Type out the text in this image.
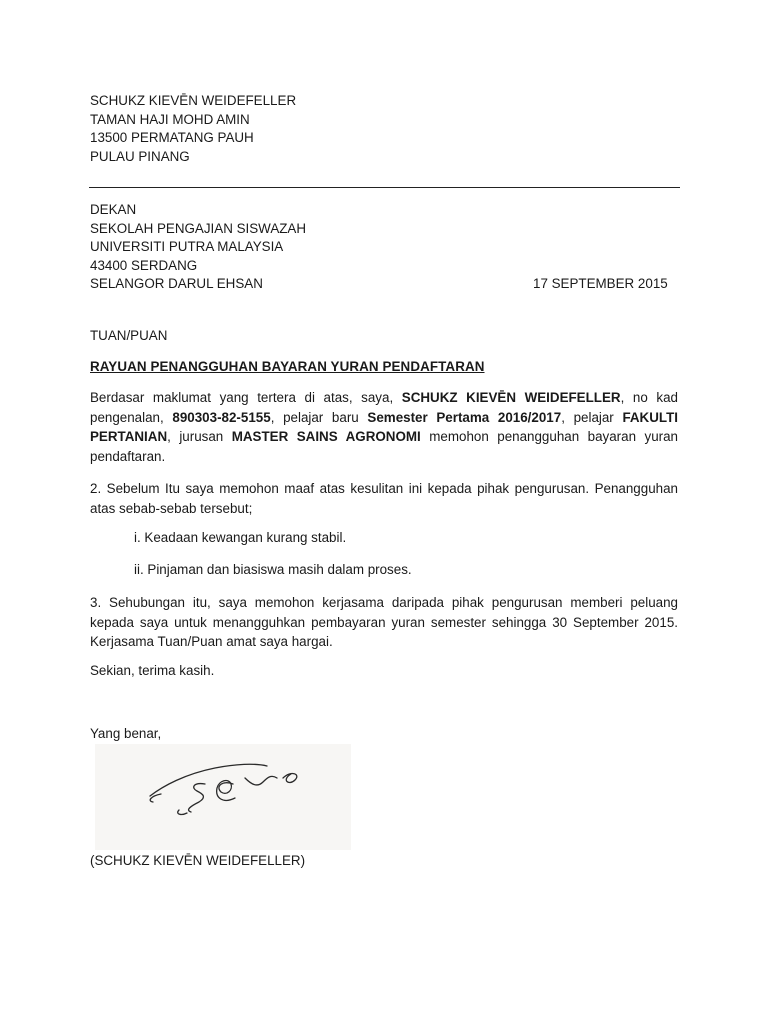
SCHUKZ KIEVĒN WEIDEFELLER
TAMAN HAJI MOHD AMIN
13500 PERMATANG PAUH
PULAU PINANG
DEKAN
SEKOLAH PENGAJIAN SISWAZAH
UNIVERSITI PUTRA MALAYSIA
43400 SERDANG
SELANGOR DARUL EHSAN	17 SEPTEMBER 2015
TUAN/PUAN
RAYUAN PENANGGUHAN BAYARAN YURAN PENDAFTARAN
Berdasar maklumat yang tertera di atas, saya, SCHUKZ KIEVĒN WEIDEFELLER, no kad pengenalan, 890303-82-5155, pelajar baru Semester Pertama 2016/2017, pelajar FAKULTI PERTANIAN, jurusan MASTER SAINS AGRONOMI memohon penangguhan bayaran yuran pendaftaran.
2. Sebelum Itu saya memohon maaf atas kesulitan ini kepada pihak pengurusan. Penangguhan atas sebab-sebab tersebut;
i. Keadaan kewangan kurang stabil.
ii. Pinjaman dan biasiswa masih dalam proses.
3. Sehubungan itu, saya memohon kerjasama daripada pihak pengurusan memberi peluang kepada saya untuk menangguhkan pembayaran yuran semester sehingga 30 September 2015. Kerjasama Tuan/Puan amat saya hargai.
Sekian, terima kasih.
Yang benar,
(SCHUKZ KIEVĒN WEIDEFELLER)
